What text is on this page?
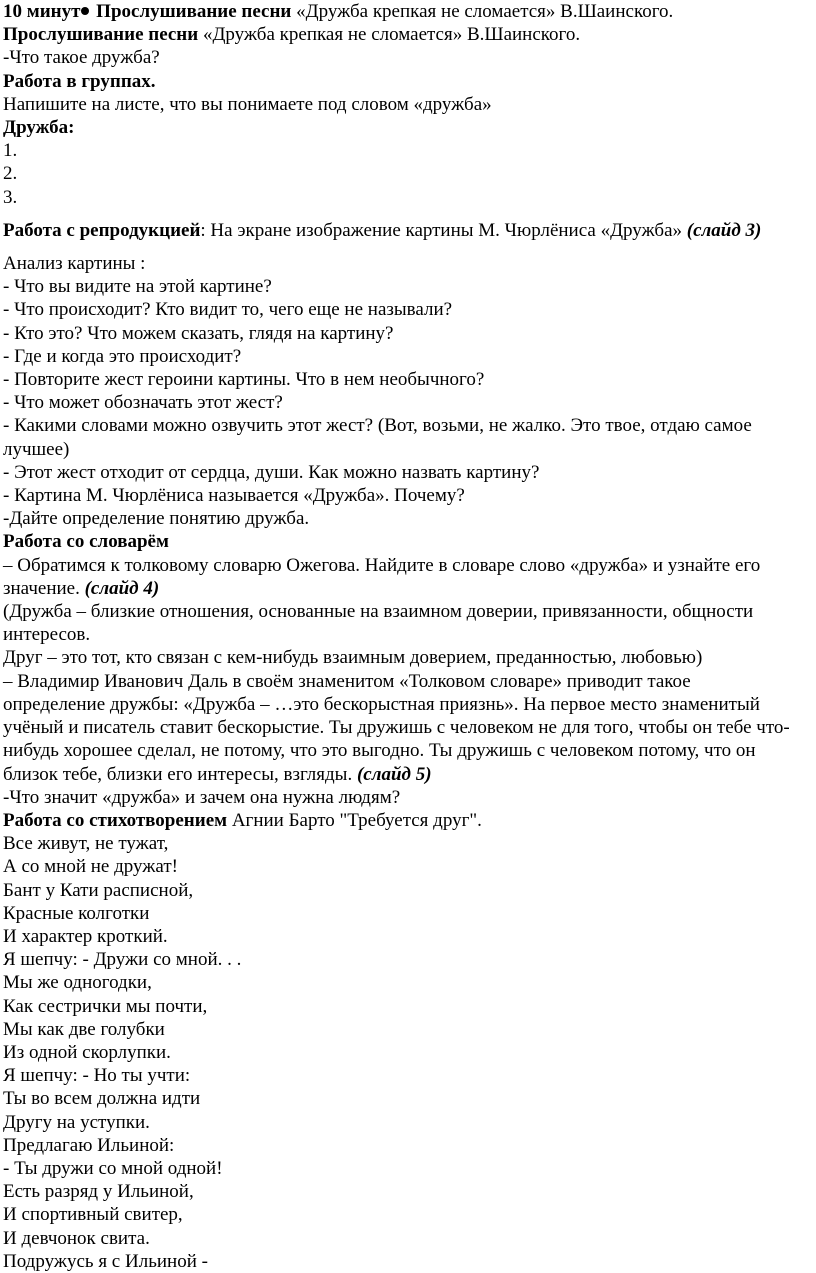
10 минут Прослушивание песни «Дружба крепкая не сломается» В.Шаинского.
Прослушивание песни «Дружба крепкая не сломается» В.Шаинского.
-Что такое дружба?
Работа в группах.
Напишите на листе, что вы понимаете под словом «дружба»
Дружба:
1.
2.
3.
Работа с репродукцией: На экране изображение картины М. Чюрлёниса «Дружба» (слайд 3)
Анализ картины :
- Что вы видите на этой картине?
- Что происходит? Кто видит то, чего еще не называли?
- Кто это? Что можем сказать, глядя на картину?
- Где и когда это происходит?
- Повторите жест героини картины. Что в нем необычного?
- Что может обозначать этот жест?
- Какими словами можно озвучить этот жест? (Вот, возьми, не жалко. Это твое, отдаю самое
лучшее)
- Этот жест отходит от сердца, души. Как можно назвать картину?
- Картина М. Чюрлёниса называется «Дружба». Почему?
-Дайте определение понятию дружба.
Работа со словарём
– Обратимся к толковому словарю Ожегова. Найдите в словаре слово «дружба» и узнайте его
значение. (слайд 4)
(Дружба – близкие отношения, основанные на взаимном доверии, привязанности, общности
интересов.
Друг – это тот, кто связан с кем-нибудь взаимным доверием, преданностью, любовью)
– Владимир Иванович Даль в своём знаменитом «Толковом словаре» приводит такое
определение дружбы: «Дружба – …это бескорыстная приязнь». На первое место знаменитый
учёный и писатель ставит бескорыстие. Ты дружишь с человеком не для того, чтобы он тебе что-
нибудь хорошее сделал, не потому, что это выгодно. Ты дружишь с человеком потому, что он
близок тебе, близки его интересы, взгляды. (слайд 5)
-Что значит «дружба» и зачем она нужна людям?
Работа со стихотворением Агнии Барто "Требуется друг".
Все живут, не тужат,
А со мной не дружат!
Бант у Кати расписной,
Красные колготки
И характер кроткий.
Я шепчу: - Дружи со мной. . .
Мы же одногодки,
Как сестрички мы почти,
Мы как две голубки
Из одной скорлупки.
Я шепчу: - Но ты учти:
Ты во всем должна идти
Другу на уступки.
Предлагаю Ильиной:
- Ты дружи со мной одной!
Есть разряд у Ильиной,
И спортивный свитер,
И девчонок свита.
Подружусь я с Ильиной -
